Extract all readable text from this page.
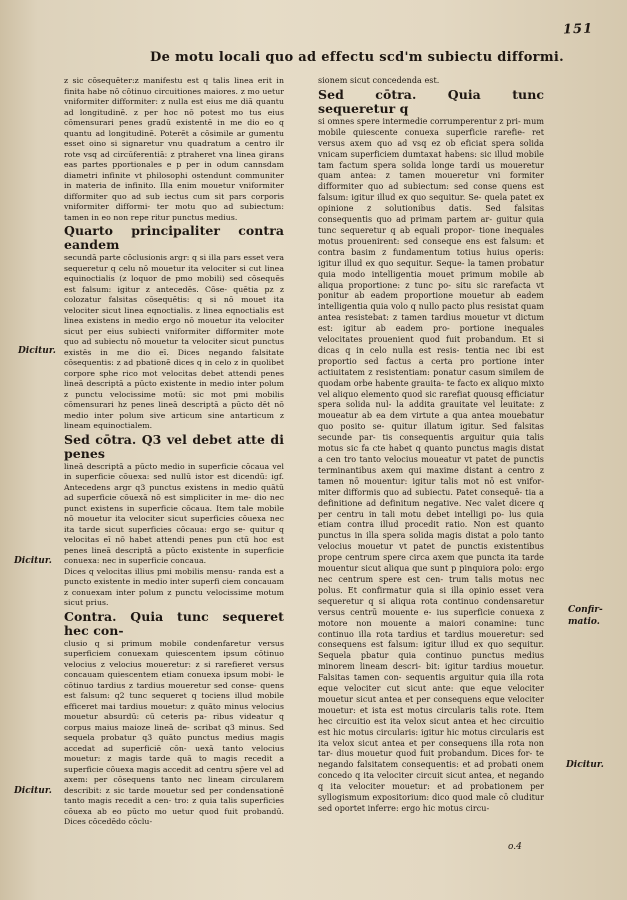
151
De motu locali quo ad effectu scd'm subiectu difformi.

z sic cōsequēter:z manifestu est q talis linea erit in finita habe nō cōtinuo circuitiones maiores. z mo uetur vniformiter difformiter: z nulla est eius me diā quantu ad longitudinē. z per hoc nō potest mo tus eius cōmensurari penes gradū existentē in me dio eo q quantu ad longitudinē. Poterēt a cōsimile ar gumentu esset oino si signaretur vnu quadratum a centro ilr rote vsq ad circūferentiā: z ptraheret vna linea girans eas partes pportionales e p per in odum cannsdam diametri infinite vt philosophi ostendunt communiter in materia de infinito. Illa enim mouetur vniformiter difformiter quo ad sub iectus cum sit pars corporis vniformiter difformi- ter motu quo ad subiectum: tamen in eo non repe ritur punctus medius.

Quarto principaliter contra eandem

secundā parte cōclusionis argr: q si illa pars esset vera sequeretur q celu nō mouetur ita velociter si cut linea equinoctialis (z loquor de pmo mobili) sed cōsequēs est falsum: igitur z antecedēs. Cōse- quētia pz z colozatur falsitas cōsequētis: q si nō mouet ita velociter sicut linea eqnoctialis. z linea eqnoctialis est linea existens in medio ergo nō mouetur ita velociter sicut per eius subiecti vniformiter difformiter mote quo ad subiectu nō mouetur ta velociter sicut punctus existēs in me dio eī. Dices negando falsitate cōsequentis: z ad pbationē dices q in celo z in quolibet corpore sphe rico mot velocitas debet attendi penes lineā descriptā a pūcto existente in medio inter polum z punctu velocissime motū: sic mot pmi mobilis cōmensurari hz penes lineā descriptā a pūcto dēt nō medio inter polum sive articum sine antarticum z lineam equinoctialem.

Sed cōtra. Q3 vel debet atte di penes

lineā descriptā a pūcto medio in superficie cōcaua vel in superficie cōuexa: sed nullū istor est dicendū: igf. Antecedens argr q3 punctus existens in medio quātū ad superficie cōuexā nō est simpliciter in me- dio nec punct existens in superficie cōcaua. Item tale mobile nō mouetur ita velociter sicut superficies cōuexa nec ita tarde sicut superficies cōcaua: ergo se- quitur q velocitas eī nō habet attendi penes pun ctū hoc est penes lineā descriptā a pūcto existente in superficie conuexa: nec in superficie concaua.

Dices q velocitas illius pmi mobilis mensu- randa est a puncto existente in medio inter superfi ciem concauam z conuexam inter polum z punctu velocissime motum sicut prius.

Contra. Quia tunc sequeret hec con-

clusio q si primum mobile condenfaretur versus superficiem conuexam quiescentem ipsum cōtinuo velocius z velocius moueretur: z si rarefieret versus concauam quiescentem etiam conuexa ipsum mobi- le cōtinuo tardius z tardius moueretur sed conse- quens est falsum: q2 tunc sequeret q tociens illud mobile efficeret mai tardius mouetur: z quāto minus velocius mouetur absurdū: cū ceteris pa- ribus videatur q corpus maius maioze lineā de- scribat q3 minus. Sed sequela probatur q3 quāto punctus medius magis accedat ad superficiē cōn- uexā tanto velocius mouetur: z magis tarde quā to magis recedit a superficie cōuexa magis accedit ad centru sp̄ere vel ad axem: per cōsequens tanto nec lineam circularem describit: z sic tarde mouetur sed per condensationē tanto magis recedit a cen- tro: z quia talis superficies cōuexa ab eo pūcto mo uetur quod fuit probandū. Dices cōcedēdo cōclu-

sionem sicut concedenda est.

Sed cōtra. Quia tunc sequeretur q

si omnes spere intermedie corrumperentur z pri- mum mobile quiescente conuexa superficie rarefie- ret versus axem quo ad vsq ez ob eficiat spera solida vnicam superficiem dumtaxat habens: sic illud mobile tam factum spera solida longe tardi us moueretur quam antea: z tamen moueretur vni formiter difformiter quo ad subiectum: sed conse quens est falsum: igitur illud ex quo sequitur. Se- quela patet ex opinione z solutionibus datis. Sed falsitas consequentis quo ad primam partem ar- guitur quia tunc sequeretur q ab equali propor- tione inequales motus prouenirent: sed conseque ens est falsum: et contra basim z fundamentum totius huius operis: igitur illud ex quo sequitur. Seque- la tamen probatur quia modo intelligentia mouet primum mobile ab aliqua proportione: z tunc po- situ sic rarefacta vt ponitur ab eadem proportione mouetur ab eadem intelligentia quia volo q nullo pacto plus resistat quam antea resistebat: z tamen tardius mouetur vt dictum est: igitur ab eadem pro- portione inequales velocitates prouenient quod fuit probandum. Et si dicas q in celo nulla est resis- tentia nec ibi est proportio sed factus a certa pro portione inter actiuitatem z resistentiam: ponatur casum similem de quodam orbe habente grauita- te facto ex aliquo mixto vel aliquo elemento quod sic rarefiat quousq efficiatur spera solida nul- la addita grauitate vel leuitate: z moueatur ab ea dem virtute a qua antea mouebatur quo posito se- quitur illatum igitur. Sed falsitas secunde par- tis consequentis arguitur quia talis motus sic fa cte habet q quanto punctus magis distat a cen tro tanto velocius moueatur vt patet de punctis terminantibus axem qui maxime distant a centro z tamen nō mouentur: igitur talis mot nō est vnifor- miter difformis quo ad subiectu. Patet consequē- tia a definitione ad definitum negative. Nec valet dicere q per centru in tali motu debet intelligi po- lus quia etiam contra illud procedit ratio. Non est quanto punctus in illa spera solida magis distat a polo tanto velocius mouetur vt patet de punctis existentibus prope centrum spere circa axem que puncta ita tarde mouentur sicut aliqua que sunt p pinquiora polo: ergo nec centrum spere est cen- trum talis motus nec polus. Et confirmatur quia si illa opinio esset vera sequeretur q si aliqua rota continuo condensaretur versus centrū mouente e- ius superficie conuexa z motore non mouente a maiori conamine: tunc continuo illa rota tardius et tardius moueretur: sed consequens est falsum: igitur illud ex quo sequitur. Sequela pbatur quia continuo punctus medius minorem lineam descri- bit: igitur tardius mouetur. Falsitas tamen con- sequentis arguitur quia illa rota eque velociter cut sicut ante: que eque velociter mouetur sicut antea et per consequens eque velociter mouetur: et ista est motus circularis talis rote. Item hec circuitio est ita velox sicut antea et hec circuitio est hic motus circularis: igitur hic motus circularis est ita velox sicut antea et per consequens illa rota non tar- dius mouetur quod fuit probandum. Dices for- te negando falsitatem consequentis: et ad probati onem concedo q ita velociter circuit sicut antea, et negando q ita velociter mouetur: et ad probationem per syllogismum expositorium: dico quod male cō cluditur sed oportet inferre: ergo hic motus circu-

Dicitur.
Dicitur.
Dicitur.
Confir- matio.
Dicitur.
o.4
